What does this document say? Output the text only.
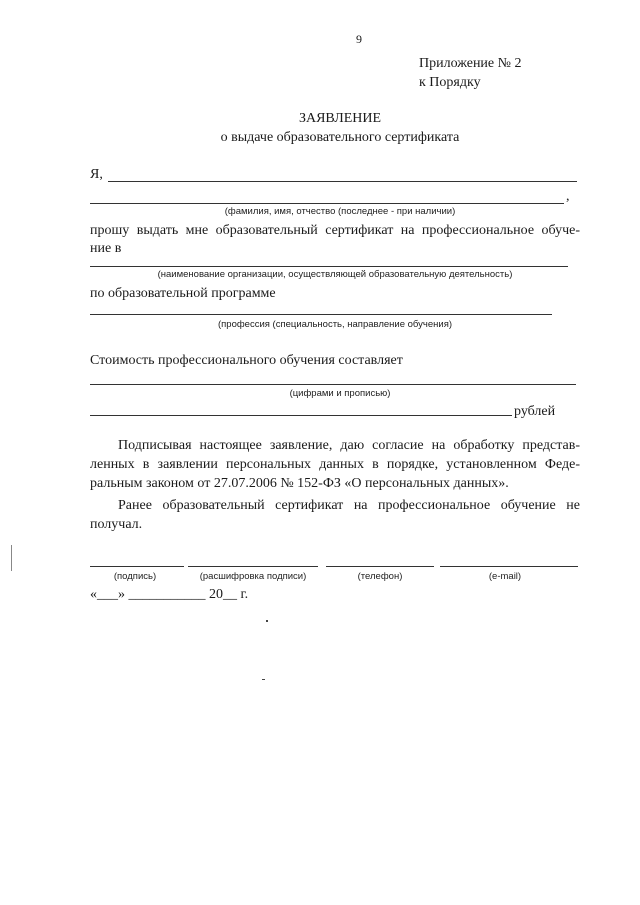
9
Приложение № 2
к Порядку
ЗАЯВЛЕНИЕ
о выдаче образовательного сертификата
Я,
,
(фамилия, имя, отчество (последнее - при наличии)
прошу выдать мне образовательный сертификат на профессиональное обуче-
ние в
(наименование организации, осуществляющей образовательную деятельность)
по образовательной программе
(профессия (специальность, направление обучения)
Стоимость профессионального обучения составляет
(цифрами и прописью)
рублей
Подписывая настоящее заявление, даю согласие на обработку представ-
ленных в заявлении персональных данных в порядке, установленном Феде-
ральным законом от 27.07.2006 № 152-ФЗ «О персональных данных».
Ранее образовательный сертификат на профессиональное обучение не
получал.
(подпись)	(расшифровка подписи)	(телефон)	(e-mail)
«___» ___________ 20__ г.
